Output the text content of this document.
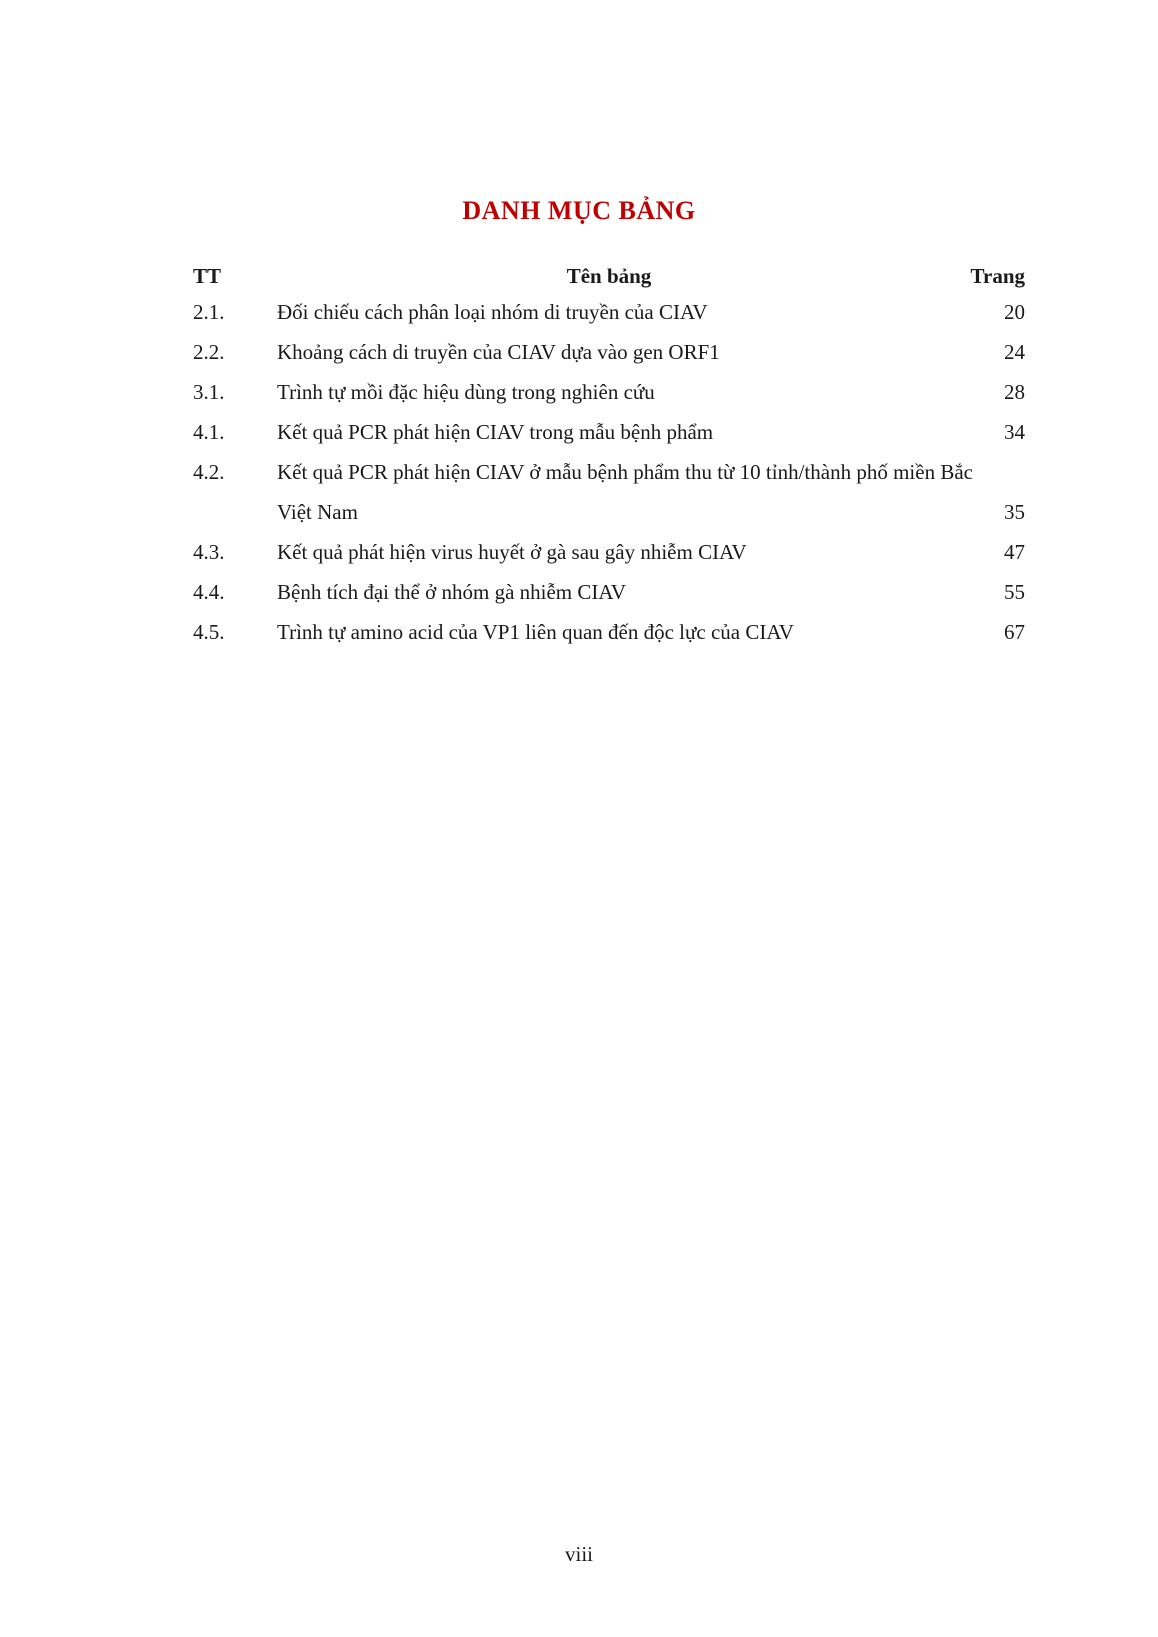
DANH MỤC BẢNG
TT	Tên bảng	Trang
2.1.	Đối chiếu cách phân loại nhóm di truyền của CIAV	20
2.2.	Khoảng cách di truyền của CIAV dựa vào gen ORF1	24
3.1.	Trình tự mồi đặc hiệu dùng trong nghiên cứu	28
4.1.	Kết quả PCR phát hiện CIAV trong mẫu bệnh phẩm	34
4.2.	Kết quả PCR phát hiện CIAV ở mẫu bệnh phẩm thu từ 10 tỉnh/thành phố miền Bắc Việt Nam	35
4.3.	Kết quả phát hiện virus huyết ở gà sau gây nhiễm CIAV	47
4.4.	Bệnh tích đại thể ở nhóm gà nhiễm CIAV	55
4.5.	Trình tự amino acid của VP1 liên quan đến độc lực của CIAV	67
viii
